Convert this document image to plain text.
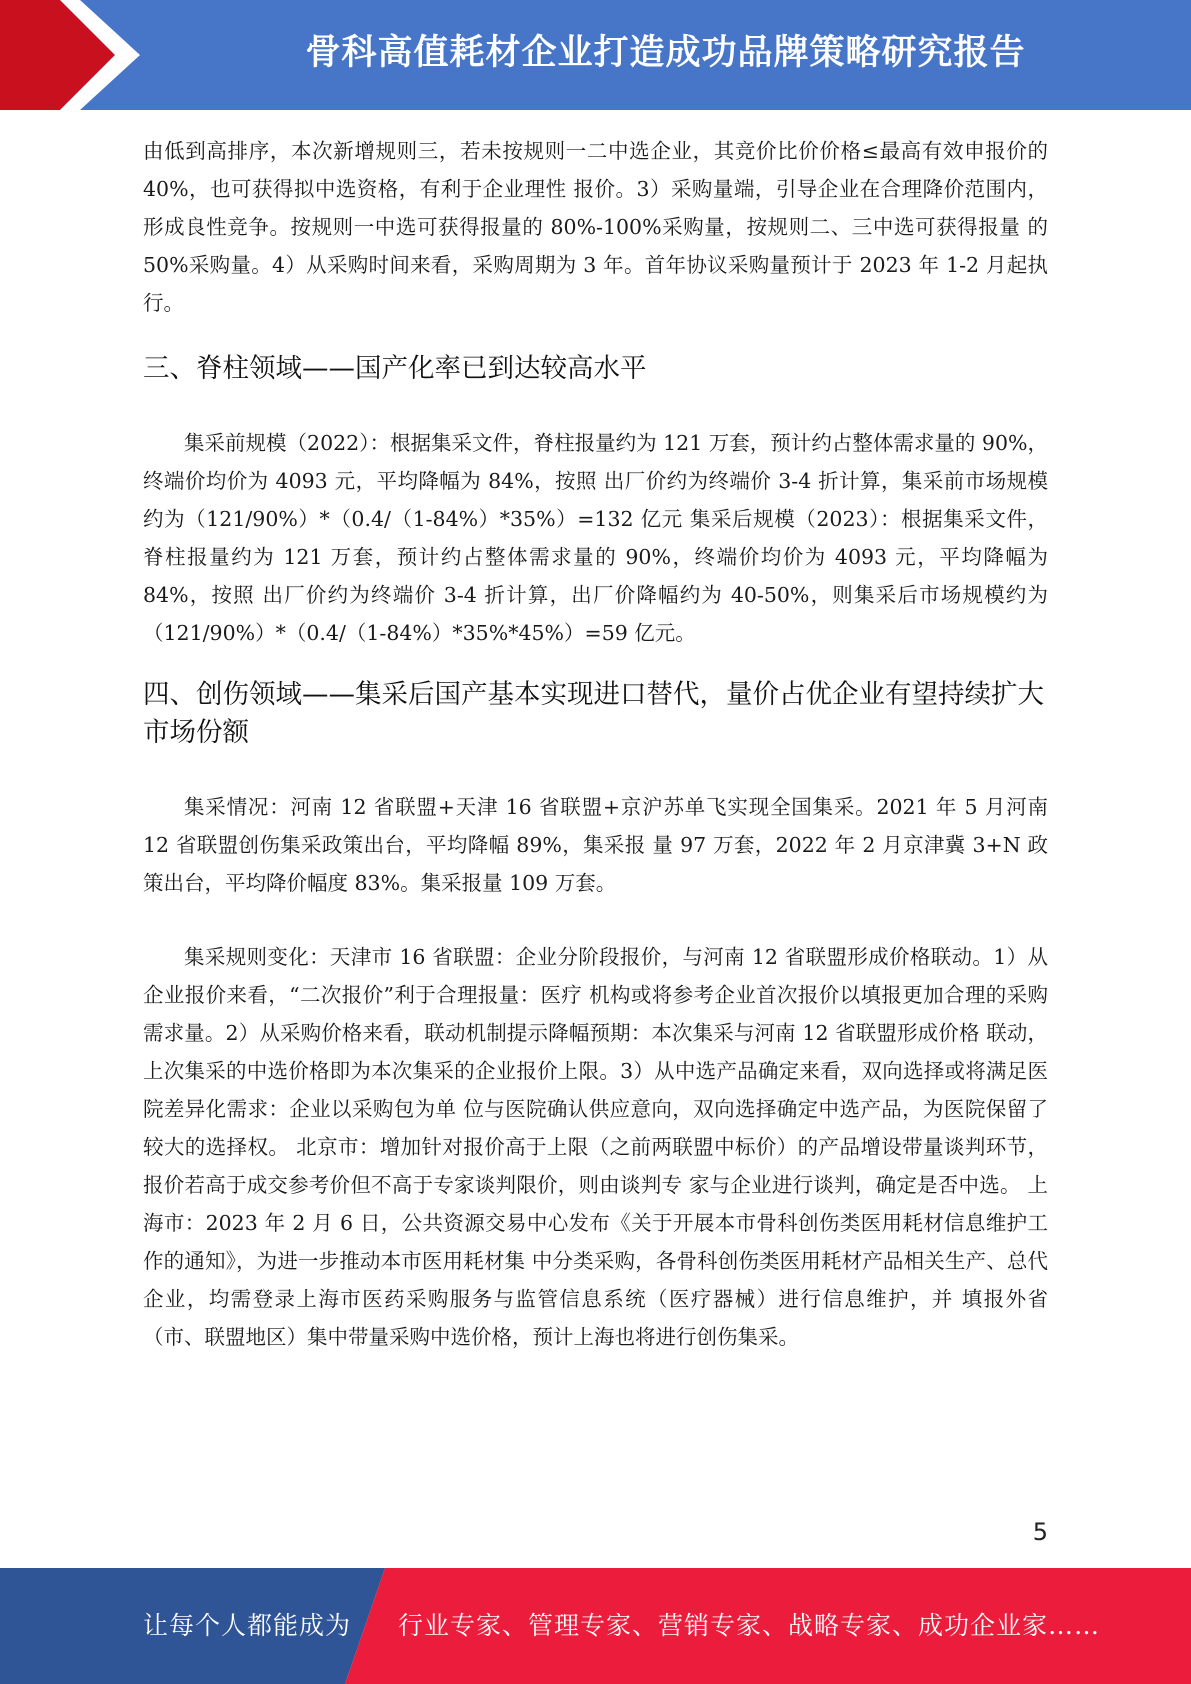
骨科高值耗材企业打造成功品牌策略研究报告

由低到高排序，本次新增规则三，若未按规则一二中选企业，其竞价比价价格≤最高有效申报价的40%，也可获得拟中选资格，有利于企业理性 报价。3）采购量端，引导企业在合理降价范围内，形成良性竞争。按规则一中选可获得报量的 80%-100%采购量，按规则二、三中选可获得报量 的50%采购量。4）从采购时间来看，采购周期为 3 年。首年协议采购量预计于 2023 年 1-2 月起执行。

三、脊柱领域——国产化率已到达较高水平

集采前规模（2022）：根据集采文件，脊柱报量约为 121 万套，预计约占整体需求量的 90%，终端价均价为 4093 元，平均降幅为 84%，按照 出厂价约为终端价 3-4 折计算，集采前市场规模约为（121/90%）*（0.4/（1-84%）*35%）=132 亿元 集采后规模（2023）：根据集采文件，脊柱报量约为 121 万套，预计约占整体需求量的 90%，终端价均价为 4093 元，平均降幅为 84%，按照 出厂价约为终端价 3-4 折计算，出厂价降幅约为 40-50%，则集采后市场规模约为（121/90%）*（0.4/（1-84%）*35%*45%）=59 亿元。

四、创伤领域——集采后国产基本实现进口替代，量价占优企业有望持续扩大市场份额

集采情况：河南 12 省联盟+天津 16 省联盟+京沪苏单飞实现全国集采。2021 年 5 月河南 12 省联盟创伤集采政策出台，平均降幅 89%，集采报 量 97 万套，2022 年 2 月京津冀 3+N 政策出台，平均降价幅度 83%。集采报量 109 万套。

集采规则变化：天津市 16 省联盟：企业分阶段报价，与河南 12 省联盟形成价格联动。1）从企业报价来看，“二次报价”利于合理报量：医疗 机构或将参考企业首次报价以填报更加合理的采购需求量。2）从采购价格来看，联动机制提示降幅预期：本次集采与河南 12 省联盟形成价格 联动，上次集采的中选价格即为本次集采的企业报价上限。3）从中选产品确定来看，双向选择或将满足医院差异化需求：企业以采购包为单 位与医院确认供应意向，双向选择确定中选产品，为医院保留了较大的选择权。 北京市：增加针对报价高于上限（之前两联盟中标价）的产品增设带量谈判环节，报价若高于成交参考价但不高于专家谈判限价，则由谈判专 家与企业进行谈判，确定是否中选。 上海市：2023 年 2 月 6 日，公共资源交易中心发布《关于开展本市骨科创伤类医用耗材信息维护工作的通知》，为进一步推动本市医用耗材集 中分类采购，各骨科创伤类医用耗材产品相关生产、总代企业，均需登录上海市医药采购服务与监管信息系统（医疗器械）进行信息维护，并 填报外省（市、联盟地区）集中带量采购中选价格，预计上海也将进行创伤集采。

5
让每个人都能成为 行业专家、管理专家、营销专家、战略专家、成功企业家……
